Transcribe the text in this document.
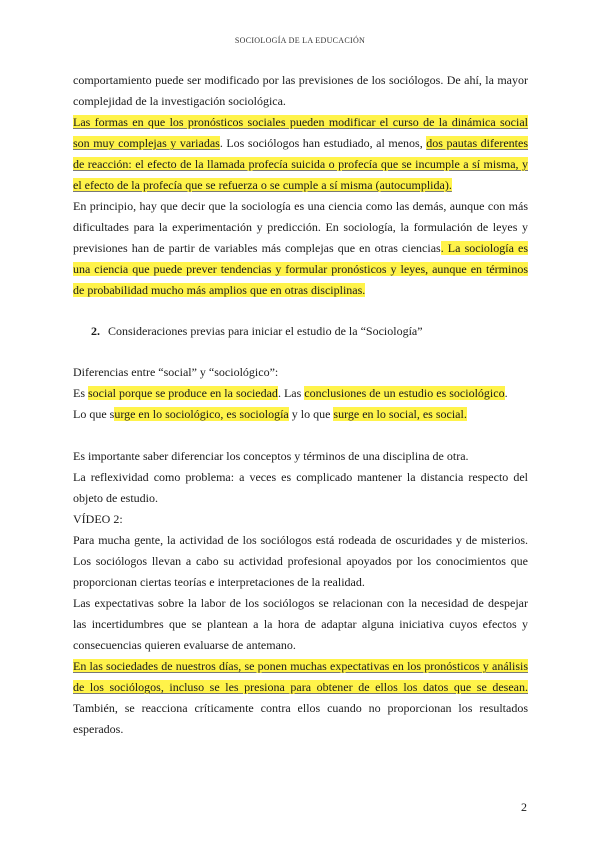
SOCIOLOGÍA DE LA EDUCACIÓN

comportamiento puede ser modificado por las previsiones de los sociólogos. De ahí, la mayor complejidad de la investigación sociológica.

Las formas en que los pronósticos sociales pueden modificar el curso de la dinámica social son muy complejas y variadas. Los sociólogos han estudiado, al menos, dos pautas diferentes de reacción: el efecto de la llamada profecía suicida o profecía que se incumple a sí misma, y el efecto de la profecía que se refuerza o se cumple a sí misma (autocumplida).

En principio, hay que decir que la sociología es una ciencia como las demás, aunque con más dificultades para la experimentación y predicción. En sociología, la formulación de leyes y previsiones han de partir de variables más complejas que en otras ciencias. La sociología es una ciencia que puede prever tendencias y formular pronósticos y leyes, aunque en términos de probabilidad mucho más amplios que en otras disciplinas.

2. Consideraciones previas para iniciar el estudio de la “Sociología”

Diferencias entre “social” y “sociológico”:

Es social porque se produce en la sociedad. Las conclusiones de un estudio es sociológico.

Lo que surge en lo sociológico, es sociología y lo que surge en lo social, es social.

Es importante saber diferenciar los conceptos y términos de una disciplina de otra.

La reflexividad como problema: a veces es complicado mantener la distancia respecto del objeto de estudio.

VÍDEO 2:

Para mucha gente, la actividad de los sociólogos está rodeada de oscuridades y de misterios. Los sociólogos llevan a cabo su actividad profesional apoyados por los conocimientos que proporcionan ciertas teorías e interpretaciones de la realidad.

Las expectativas sobre la labor de los sociólogos se relacionan con la necesidad de despejar las incertidumbres que se plantean a la hora de adaptar alguna iniciativa cuyos efectos y consecuencias quieren evaluarse de antemano.

En las sociedades de nuestros días, se ponen muchas expectativas en los pronósticos y análisis de los sociólogos, incluso se les presiona para obtener de ellos los datos que se desean. También, se reacciona críticamente contra ellos cuando no proporcionan los resultados esperados.

2
